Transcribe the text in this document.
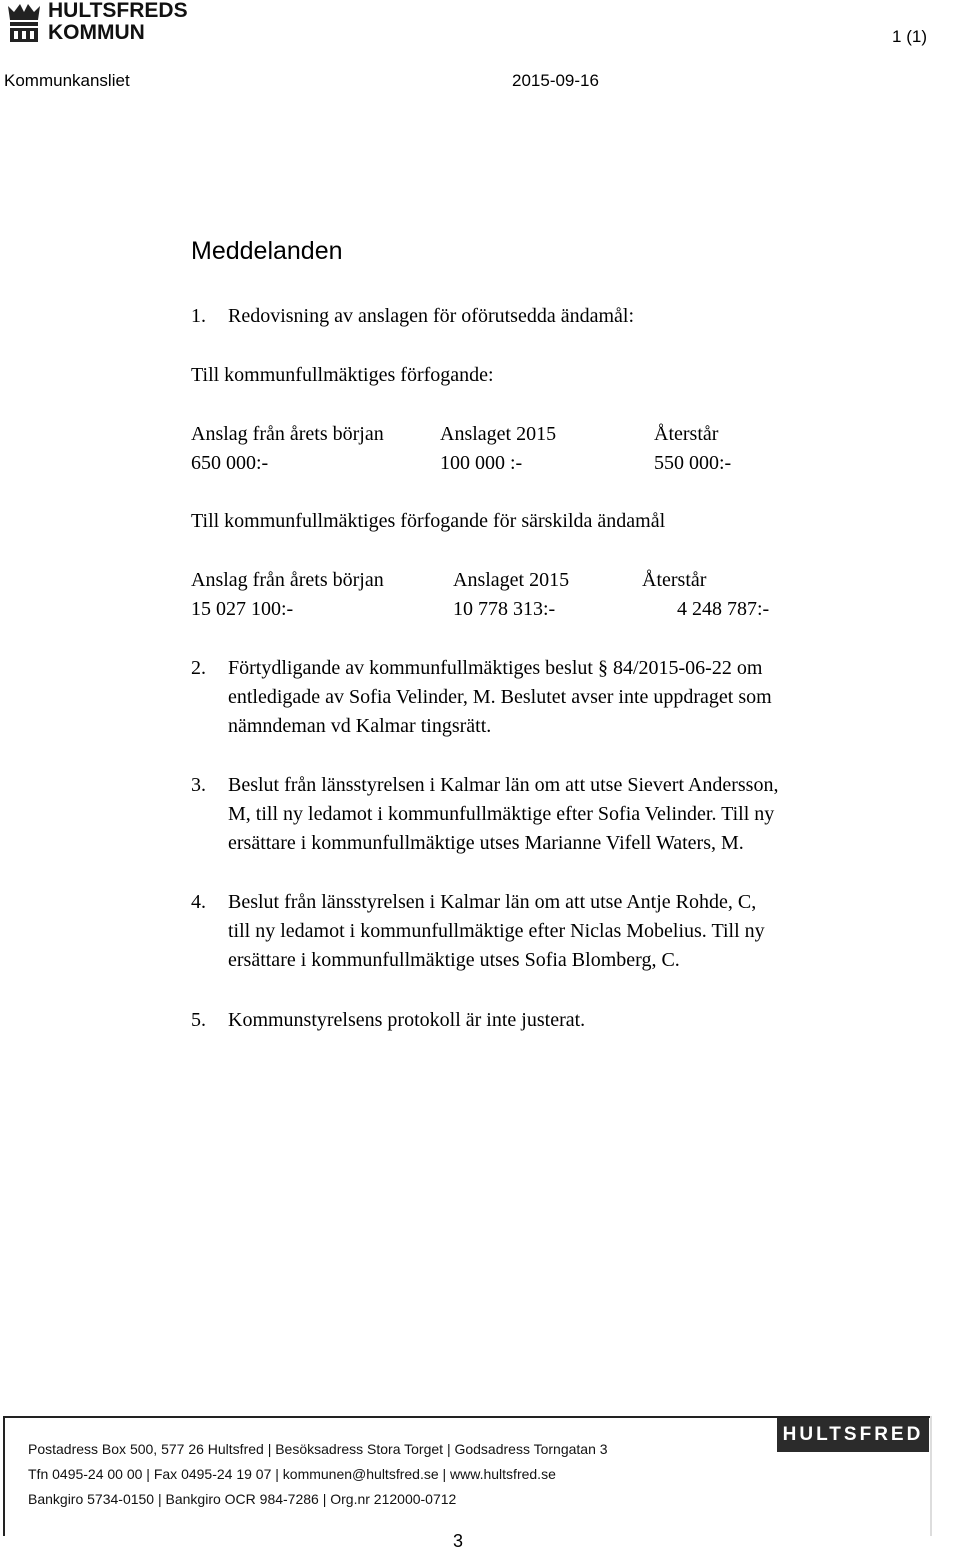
HULTSFREDS
KOMMUN	1 (1)
Kommunkansliet	2015-09-16
Meddelanden
1. Redovisning av anslagen för oförutsedda ändamål:
Till kommunfullmäktiges förfogande:
Anslag från årets början	Anslaget 2015	Återstår
650 000:-	100 000 :-	550 000:-
Till kommunfullmäktiges förfogande för särskilda ändamål
Anslag från årets början	Anslaget 2015	Återstår
15 027 100:-	10 778 313:-	4 248 787:-
2. Förtydligande av kommunfullmäktiges beslut § 84/2015-06-22 om
entledigade av Sofia Velinder, M. Beslutet avser inte uppdraget som
nämndeman vd Kalmar tingsrätt.
3. Beslut från länsstyrelsen i Kalmar län om att utse Sievert Andersson,
M, till ny ledamot i kommunfullmäktige efter Sofia Velinder. Till ny
ersättare i kommunfullmäktige utses Marianne Vifell Waters, M.
4. Beslut från länsstyrelsen i Kalmar län om att utse Antje Rohde, C,
till ny ledamot i kommunfullmäktige efter Niclas Mobelius. Till ny
ersättare i kommunfullmäktige utses Sofia Blomberg, C.
5. Kommunstyrelsens protokoll är inte justerat.
HULTSFRED
Postadress Box 500, 577 26 Hultsfred | Besöksadress Stora Torget | Godsadress Torngatan 3
Tfn 0495-24 00 00 | Fax 0495-24 19 07 | kommunen@hultsfred.se | www.hultsfred.se
Bankgiro 5734-0150 | Bankgiro OCR 984-7286 | Org.nr 212000-0712
3
